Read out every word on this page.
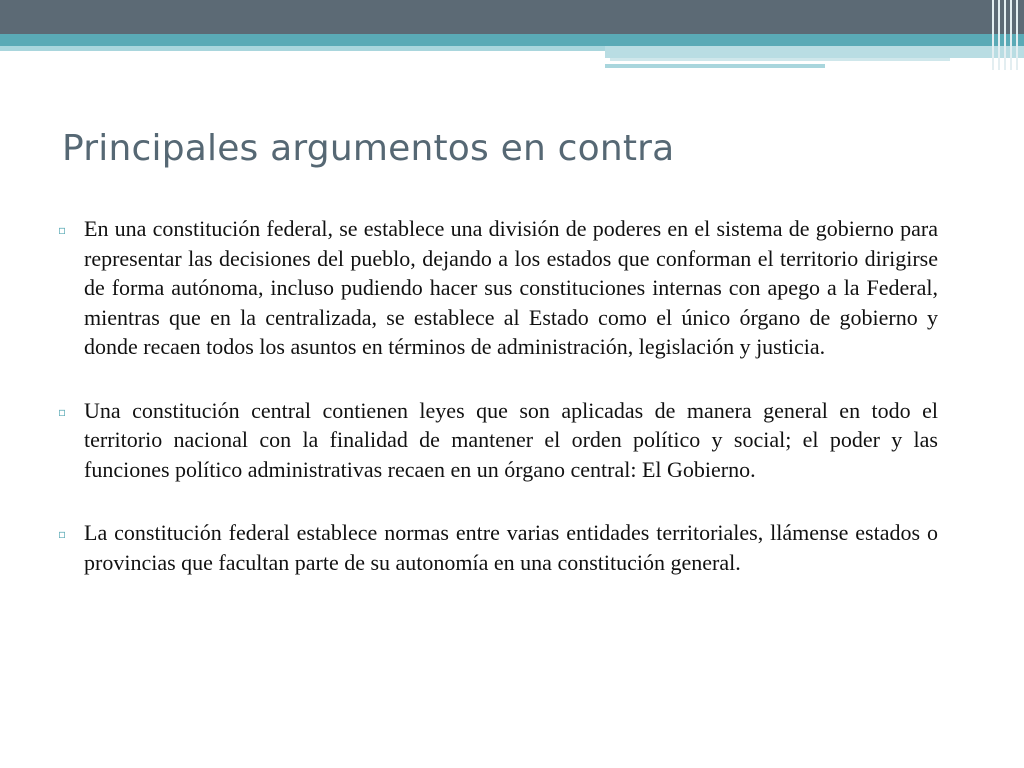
Principales argumentos en contra
▫ En una constitución federal, se establece una división de poderes en el sistema de gobierno para representar las decisiones del pueblo, dejando a los estados que conforman el territorio dirigirse de forma autónoma, incluso pudiendo hacer sus constituciones internas con apego a la Federal, mientras que en la centralizada, se establece al Estado como el único órgano de gobierno y donde recaen todos los asuntos en términos de administración, legislación y justicia.
▫ Una constitución central contienen leyes que son aplicadas de manera general en todo el territorio nacional con la finalidad de mantener el orden político y social; el poder y las funciones político administrativas recaen en un órgano central: El Gobierno.
▫ La constitución federal establece normas entre varias entidades territoriales, llámense estados o provincias que facultan parte de su autonomía en una constitución general.
